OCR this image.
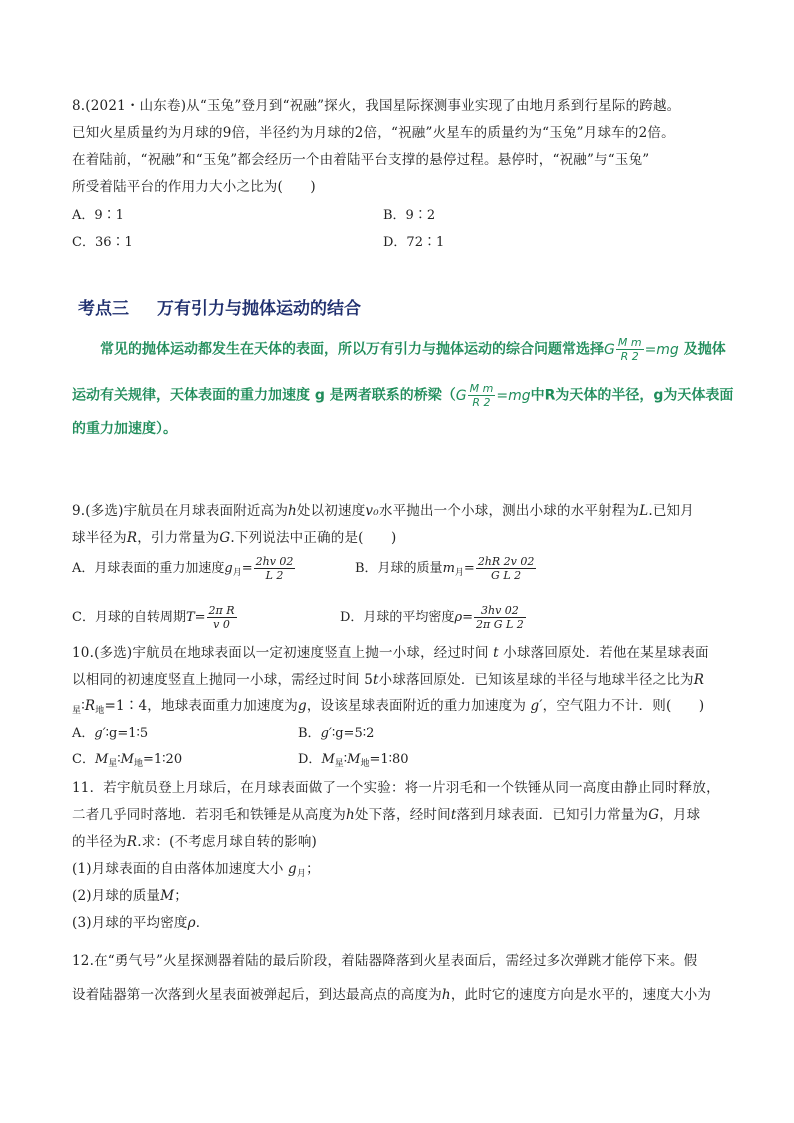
8.(2021・山东卷)从“玉兔”登月到“祝融”探火，我国星际探测事业实现了由地月系到行星际的跨越。
已知火星质量约为月球的9倍，半径约为月球的2倍，“祝融”火星车的质量约为“玉兔”月球车的2倍。
在着陆前，“祝融”和“玉兔”都会经历一个由着陆平台支撑的悬停过程。悬停时，“祝融”与“玉兔”
所受着陆平台的作用力大小之比为(　　)
A．9∶1	B．9∶2
C．36∶1	D．72∶1
考点三 万有引力与抛体运动的结合
常见的抛体运动都发生在天体的表面，所以万有引力与抛体运动的综合问题常选择G $\frac{\text{M m}}{R 2} =mg$ 及抛体
运动有关规律，天体表面的重力加速度 g 是两者联系的桥梁（$G \frac{\text{M m}}{R 2} =mg$中R为天体的半径，g为天体表面
的重力加速度）。
9.(多选)宇航员在月球表面附近高为h处以初速度v₀水平抛出一个小球，测出小球的水平射程为L.已知月
球半径为R，引力常量为G.下列说法中正确的是(　　)
A．月球表面的重力加速度$g_月= \frac{2hv 02}{L 2}$	B．月球的质量$m_月= \frac{2hR 2v 02}{\text{G L 2}}$
C．月球的自转周期$T= \frac{\text{2π R}}{v 0}$	D．月球的平均密度$\rho= \frac{3hv 02}{\text{2π G L 2}}$
10.(多选)宇航员在地球表面以一定初速度竖直上抛一小球，经过时间 t 小球落回原处．若他在某星球表面
以相同的初速度竖直上抛同一小球，需经过时间 5t小球落回原处．已知该星球的半径与地球半径之比为R
$_星∶R_地=1∶4$，地球表面重力加速度为g，设该星球表面附近的重力加速度为 g′，空气阻力不计．则(　　)
A．g′∶g=1∶5	B．g′∶g=5∶2
C．$M_星∶M_地=1∶20$	D．$M_星∶M_地=1∶80$
11．若宇航员登上月球后，在月球表面做了一个实验：将一片羽毛和一个铁锤从同一高度由静止同时释放，
二者几乎同时落地．若羽毛和铁锤是从高度为h处下落，经时间t落到月球表面．已知引力常量为G，月球
的半径为R.求：(不考虑月球自转的影响)
(1)月球表面的自由落体加速度大小 $g_月$；
(2)月球的质量M；
(3)月球的平均密度ρ．
12.在“勇气号”火星探测器着陆的最后阶段，着陆器降落到火星表面后，需经过多次弹跳才能停下来。假
设着陆器第一次落到火星表面被弹起后，到达最高点的高度为h，此时它的速度方向是水平的，速度大小为
